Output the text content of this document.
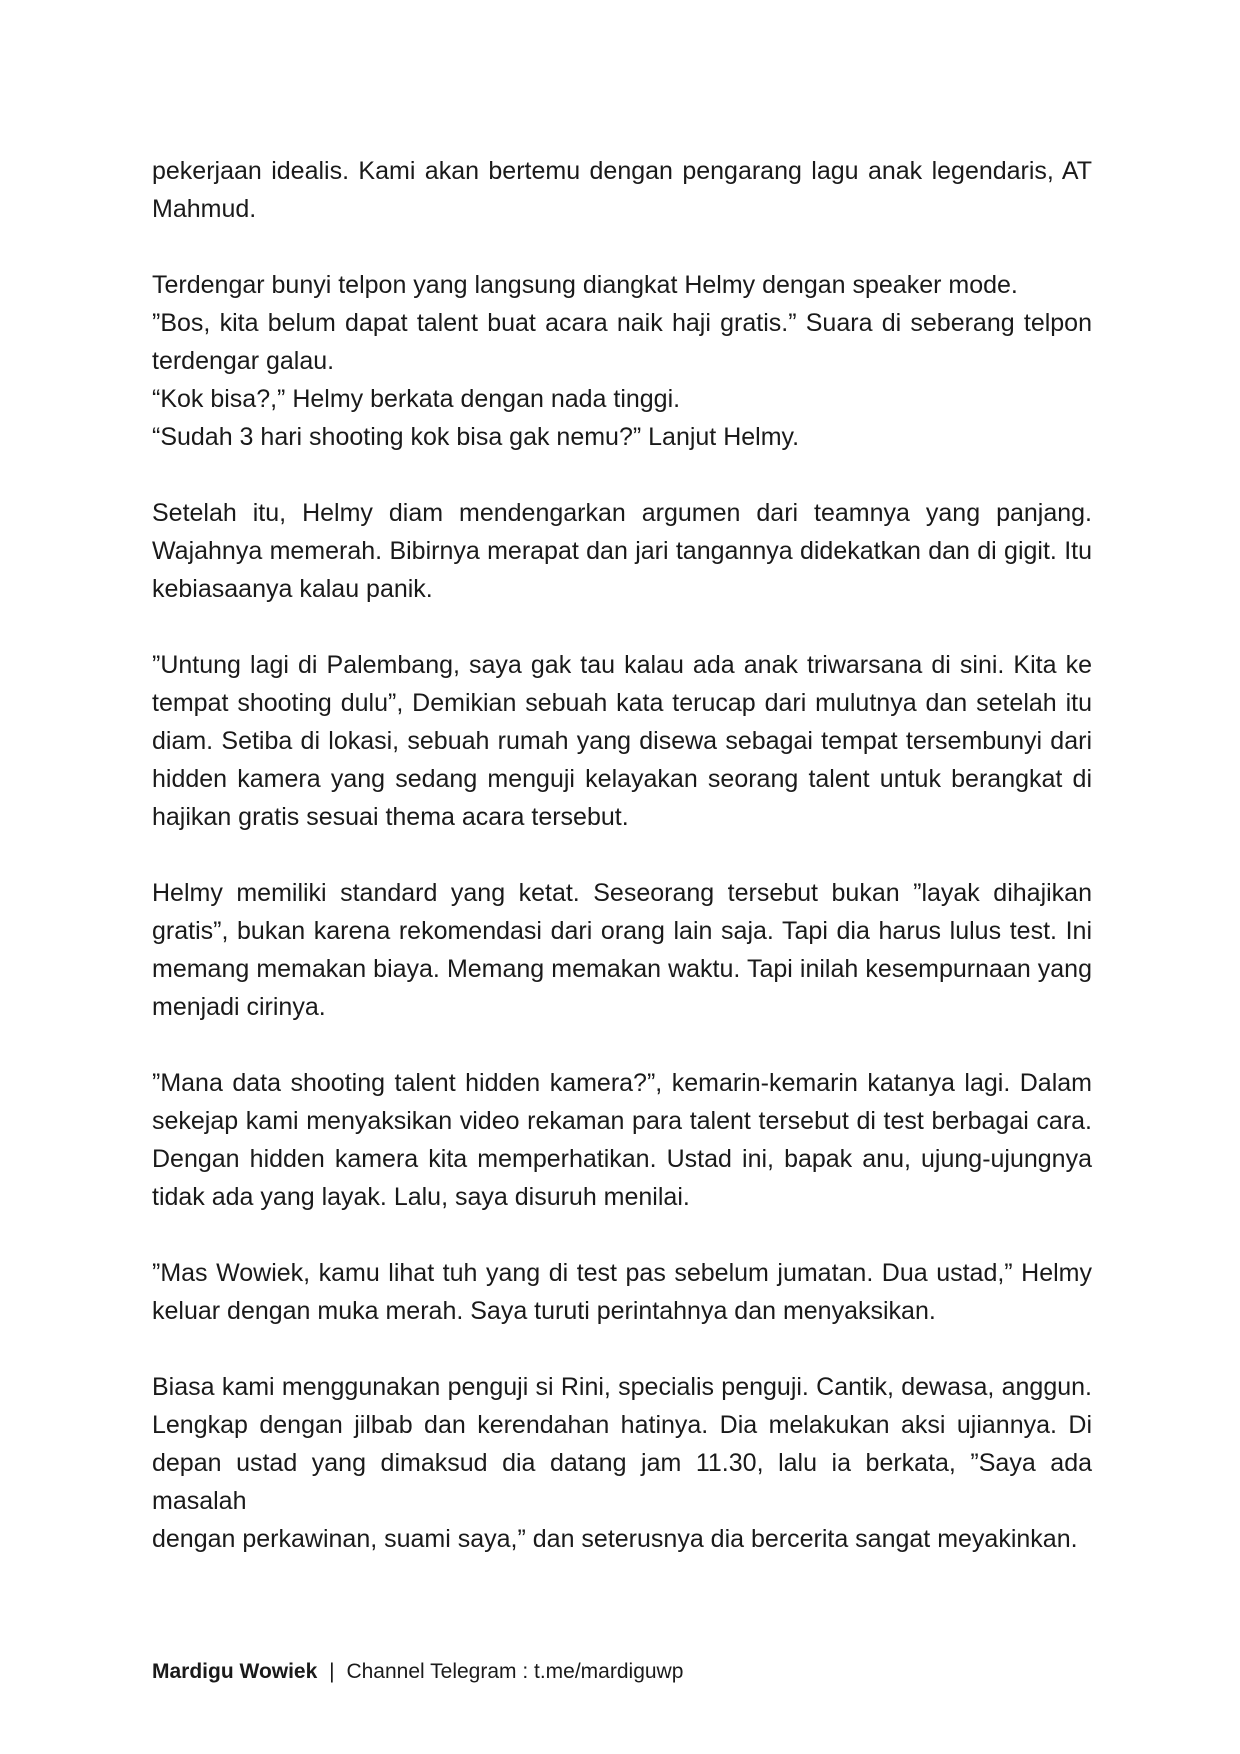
pekerjaan idealis. Kami akan bertemu dengan pengarang lagu anak legendaris, AT
Mahmud.
Terdengar bunyi telpon yang langsung diangkat Helmy dengan speaker mode.
”Bos, kita belum dapat talent buat acara naik haji gratis.” Suara di seberang telpon
terdengar galau.
“Kok bisa?,” Helmy berkata dengan nada tinggi.
“Sudah 3 hari shooting kok bisa gak nemu?” Lanjut Helmy.
Setelah itu, Helmy diam mendengarkan argumen dari teamnya yang panjang.
Wajahnya memerah. Bibirnya merapat dan jari tangannya didekatkan dan di gigit. Itu
kebiasaanya kalau panik.
”Untung lagi di Palembang, saya gak tau kalau ada anak triwarsana di sini. Kita ke
tempat shooting dulu”, Demikian sebuah kata terucap dari mulutnya dan setelah itu
diam. Setiba di lokasi, sebuah rumah yang disewa sebagai tempat tersembunyi dari
hidden kamera yang sedang menguji kelayakan seorang talent untuk berangkat di
hajikan gratis sesuai thema acara tersebut.
Helmy memiliki standard yang ketat. Seseorang tersebut bukan ”layak dihajikan
gratis”, bukan karena rekomendasi dari orang lain saja. Tapi dia harus lulus test. Ini
memang memakan biaya. Memang memakan waktu. Tapi inilah kesempurnaan yang
menjadi cirinya.
”Mana data shooting talent hidden kamera?”, kemarin-kemarin katanya lagi. Dalam
sekejap kami menyaksikan video rekaman para talent tersebut di test berbagai cara.
Dengan hidden kamera kita memperhatikan. Ustad ini, bapak anu, ujung-ujungnya
tidak ada yang layak. Lalu, saya disuruh menilai.
”Mas Wowiek, kamu lihat tuh yang di test pas sebelum jumatan. Dua ustad,” Helmy
keluar dengan muka merah. Saya turuti perintahnya dan menyaksikan.
Biasa kami menggunakan penguji si Rini, specialis penguji. Cantik, dewasa, anggun.
Lengkap dengan jilbab dan kerendahan hatinya. Dia melakukan aksi ujiannya. Di
depan ustad yang dimaksud dia datang jam 11.30, lalu ia berkata, ”Saya ada masalah
dengan perkawinan, suami saya,” dan seterusnya dia bercerita sangat meyakinkan.
Mardigu Wowiek | Channel Telegram : t.me/mardiguwp
